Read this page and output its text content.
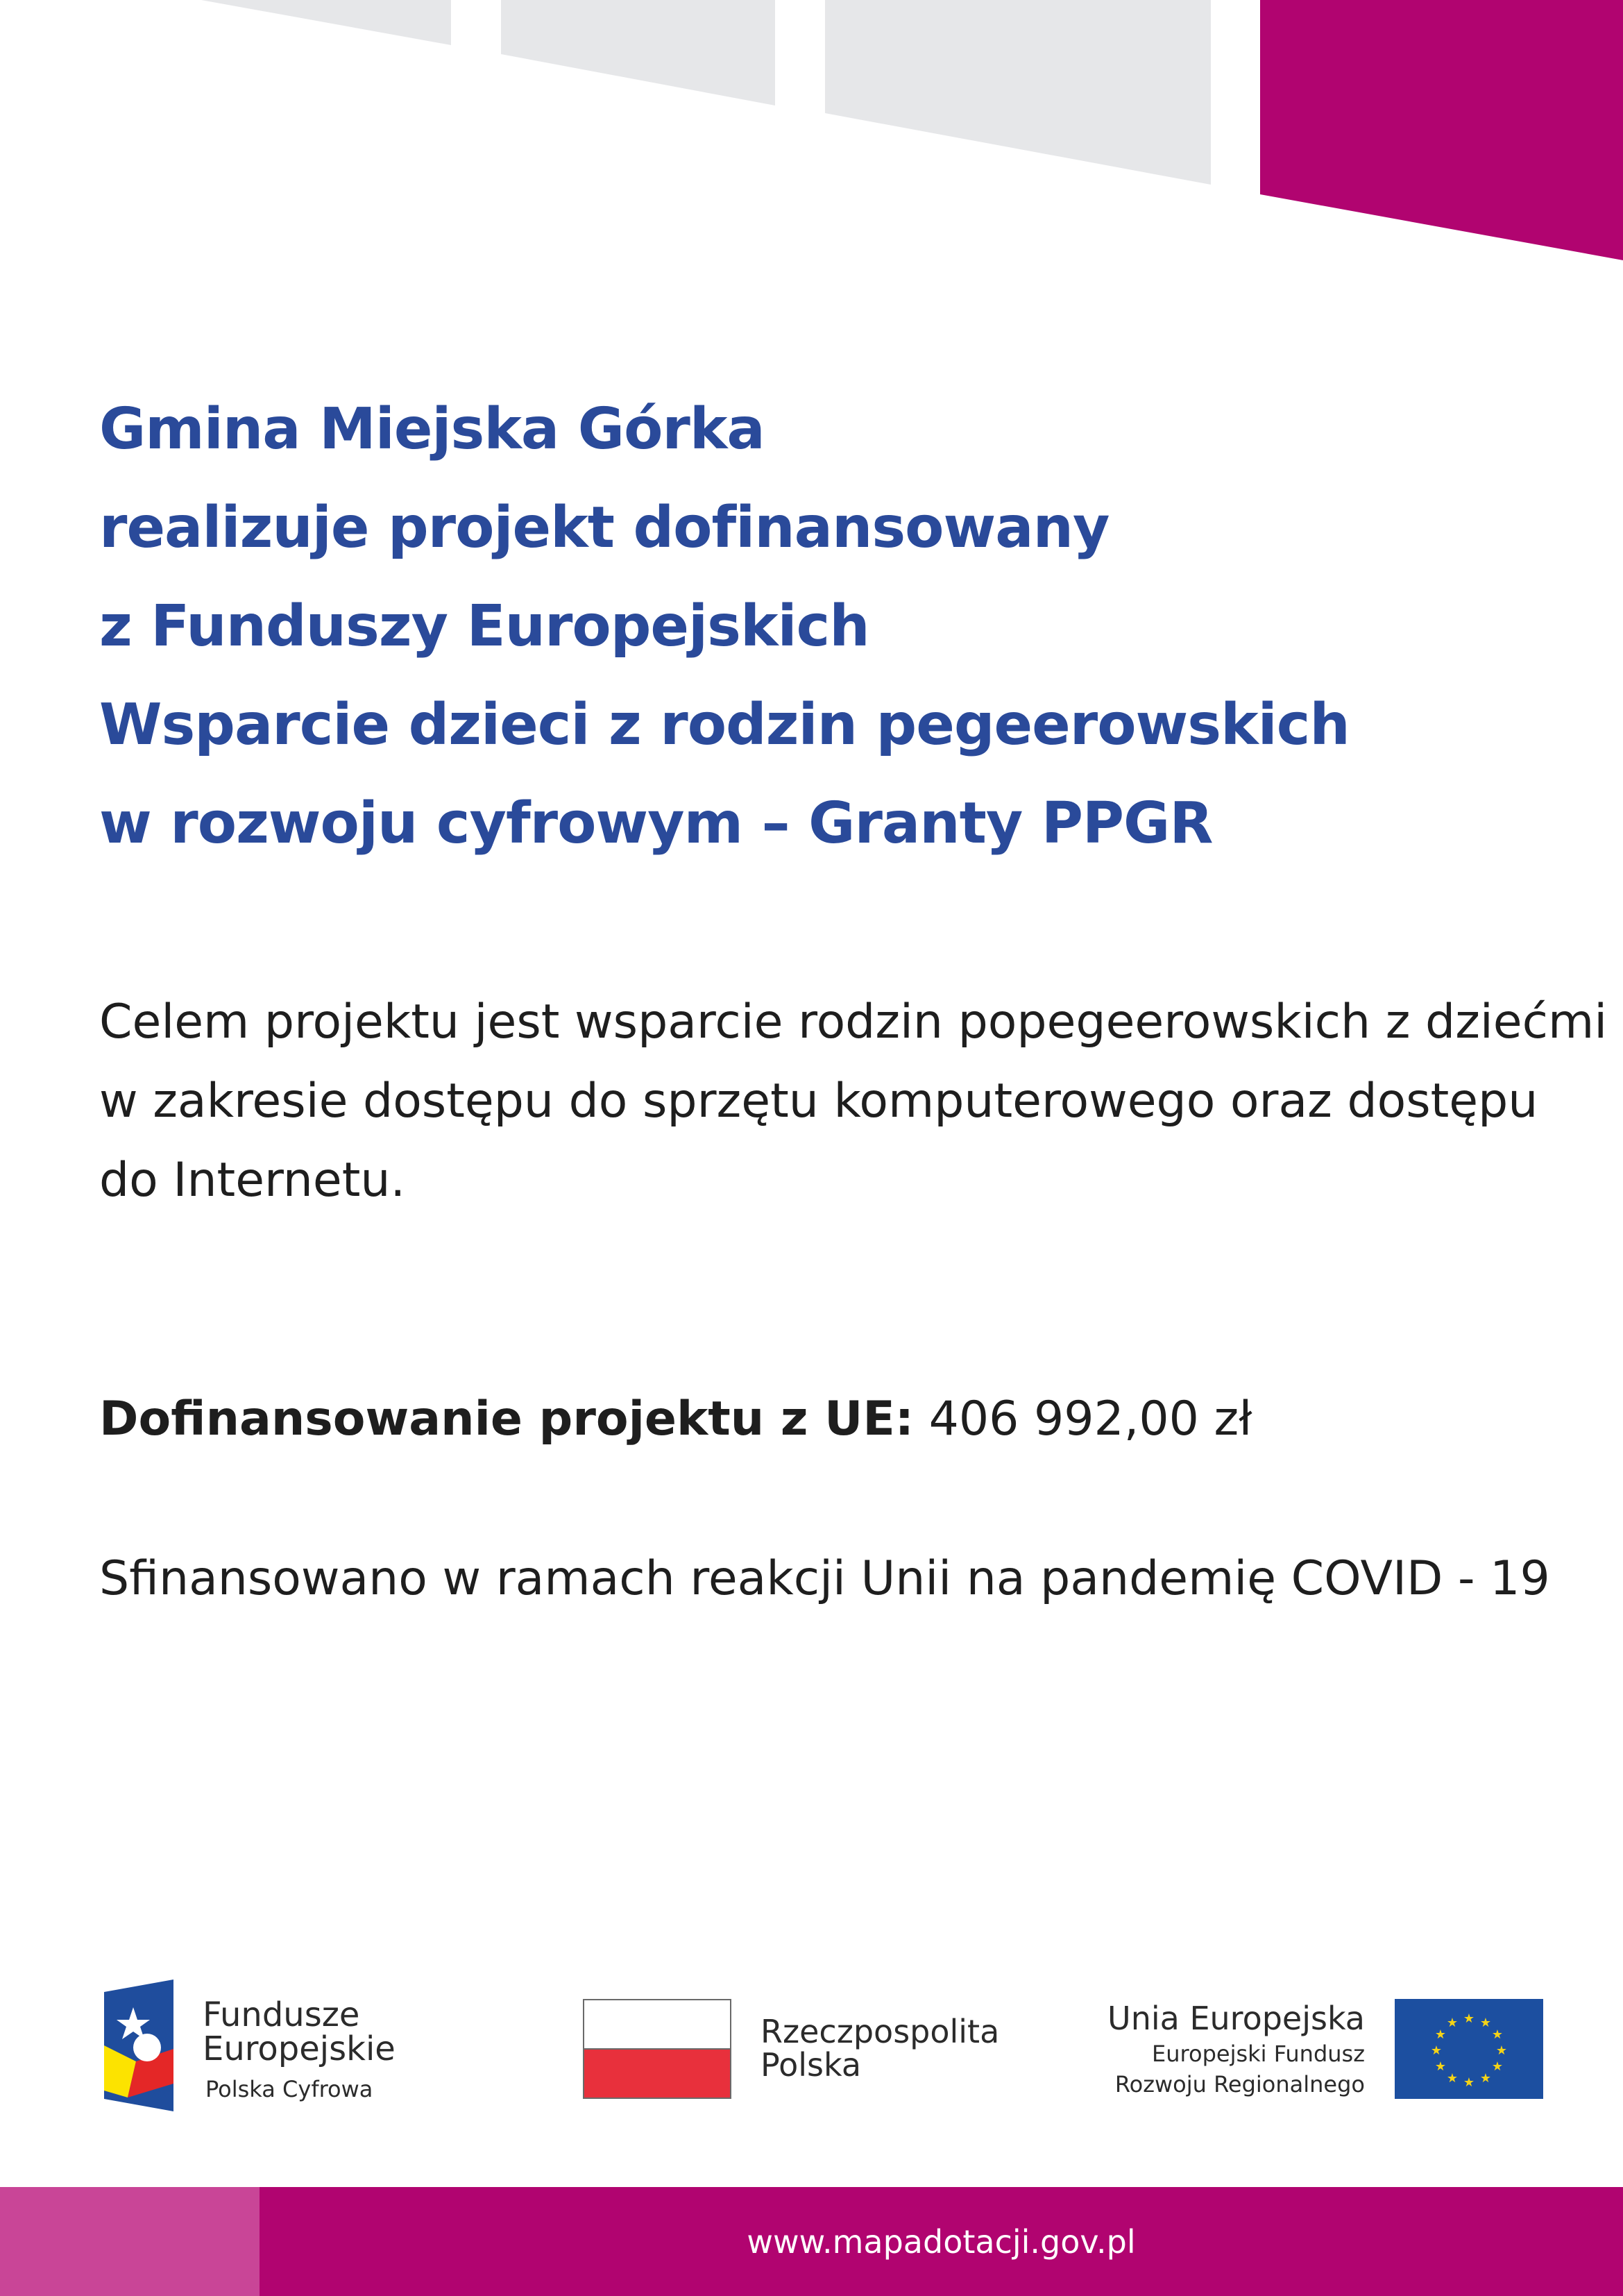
Gmina Miejska Górka
realizuje projekt dofinansowany
z Funduszy Europejskich
Wsparcie dzieci z rodzin pegeerowskich
w rozwoju cyfrowym – Granty PPGR
Celem projektu jest wsparcie rodzin popegeerowskich z dziećmi
w zakresie dostępu do sprzętu komputerowego oraz dostępu
do Internetu.
Dofinansowanie projektu z UE: 406 992,00 zł
Sfinansowano w ramach reakcji Unii na pandemię COVID - 19
Fundusze
Europejskie
Polska Cyfrowa
Rzeczpospolita
Polska
Unia Europejska
Europejski Fundusz
Rozwoju Regionalnego
★ ★
★
★
★
★
★
★
★
★
★
★
www.mapadotacji.gov.pl
